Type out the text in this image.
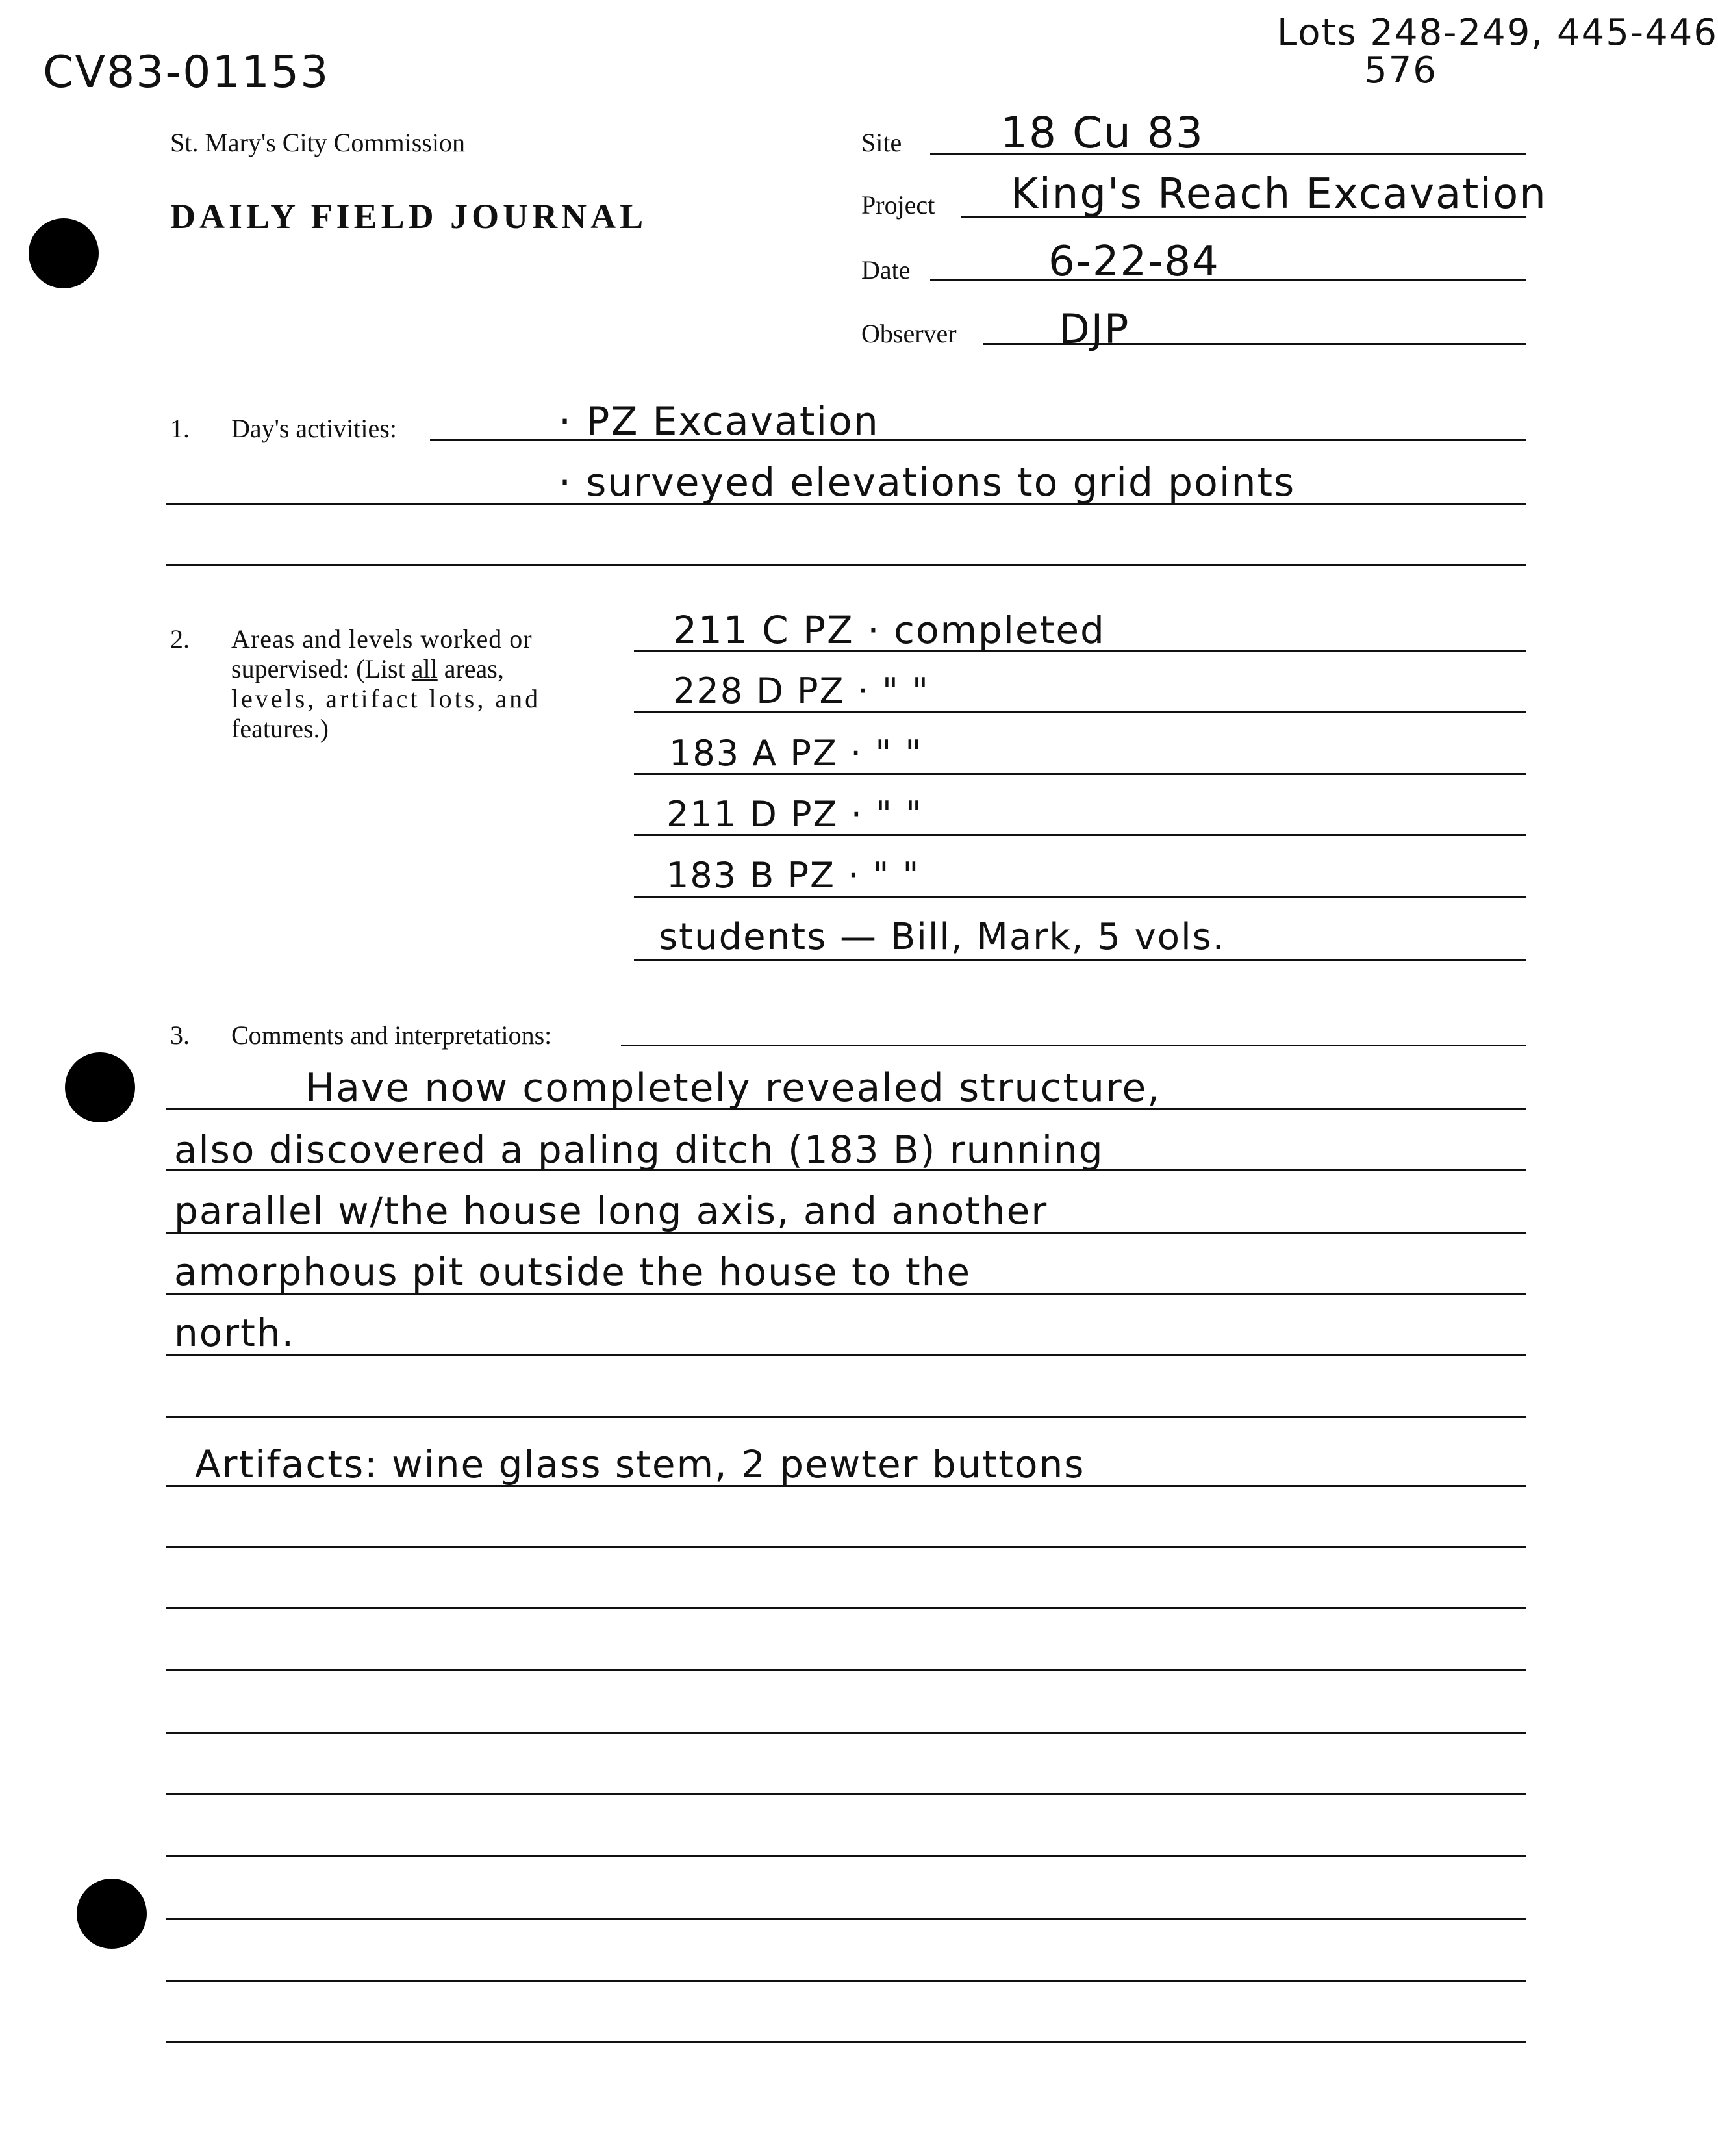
CV83-01153
Lots 248-249, 445-446
576
St. Mary's City Commission
DAILY FIELD JOURNAL
Site 18 Cu 83
Project King's Reach Excavation
Date	6-22-84
Observer	DJP
1. Day's activities:	· PZ Excavation
· surveyed elevations to grid points
2. Areas and levels worked or
supervised: (List all areas,
levels, artifact lots, and
features.)
211 C PZ · completed
228 D PZ · " "
183 A PZ · " "
211 D PZ · " "
183 B PZ · " "
students — Bill, Mark, 5 vols.
3. Comments and interpretations:
Have now completely revealed structure,
also discovered a paling ditch (183 B) running
parallel w/the house long axis, and another
amorphous pit outside the house to the
north.
Artifacts: wine glass stem, 2 pewter buttons
